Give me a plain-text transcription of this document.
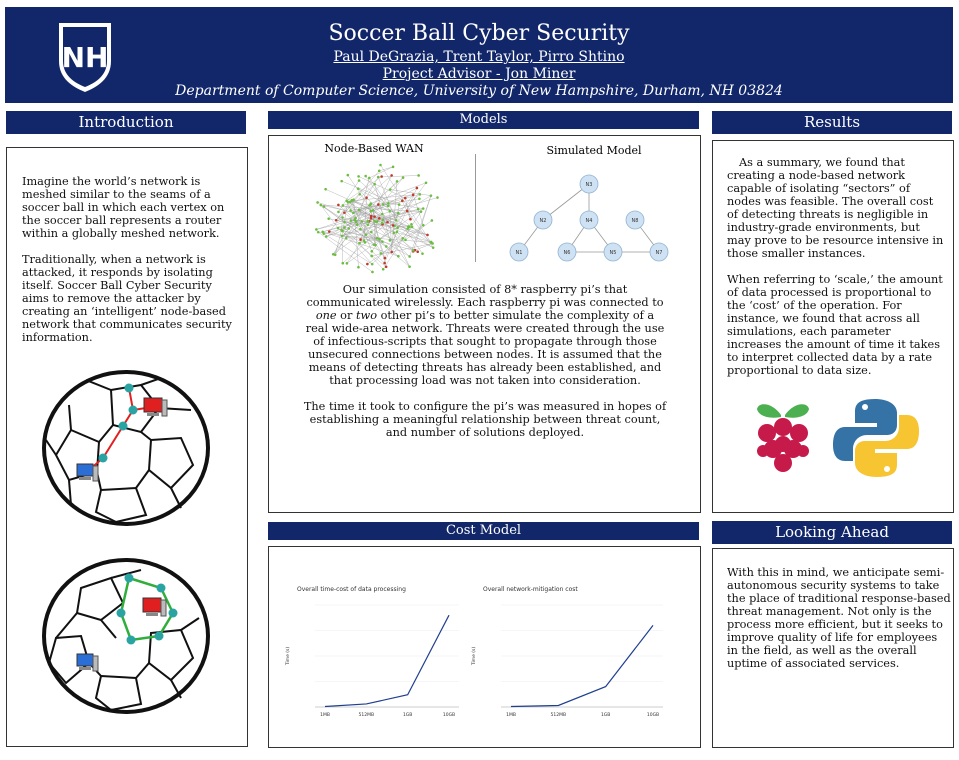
NH
Soccer Ball Cyber Security
Paul DeGrazia, Trent Taylor, Pirro Shtino
Project Advisor - Jon Miner
Department of Computer Science, University of New Hampshire, Durham, NH 03824
Introduction

Imagine the world’s network is meshed similar to the seams of a soccer ball in which each vertex on the soccer ball represents a router within a globally meshed network.

Traditionally, when a network is attacked, it responds by isolating itself. Soccer Ball Cyber Security aims to remove the attacker by creating an ‘intelligent’ node-based network that communicates security information.

Models
Node-Based WAN	Simulated Model
N3
N2	N4	N8
N1	N6	N5	N7

Our simulation consisted of 8* raspberry pi’s that communicated wirelessly. Each raspberry pi was connected to one or two other pi’s to better simulate the complexity of a real wide-area network. Threats were created through the use of infectious-scripts that sought to propagate through those unsecured connections between nodes. It is assumed that the means of detecting threats has already been established, and that processing load was not taken into consideration.

The time it took to configure the pi’s was measured in hopes of establishing a meaningful relationship between threat count, and number of solutions deployed.

Cost Model
Overall time-cost of data processing
Time (s)
1MB	512MB	1GB	10GB
Overall network-mitigation cost
Time (s)
1MB	512MB	1GB	10GB
Results

As a summary, we found that creating a node-based network capable of isolating “sectors” of nodes was feasible. The overall cost of detecting threats is negligible in industry-grade environments, but may prove to be resource intensive in those smaller instances.

When referring to ‘scale,’ the amount of data processed is proportional to the ‘cost’ of the operation. For instance, we found that across all simulations, each parameter increases the amount of time it takes to interpret collected data by a rate proportional to data size.

Looking Ahead

With this in mind, we anticipate semi-autonomous security systems to take the place of traditional response-based threat management. Not only is the process more efficient, but it seeks to improve quality of life for employees in the field, as well as the overall uptime of associated services.
